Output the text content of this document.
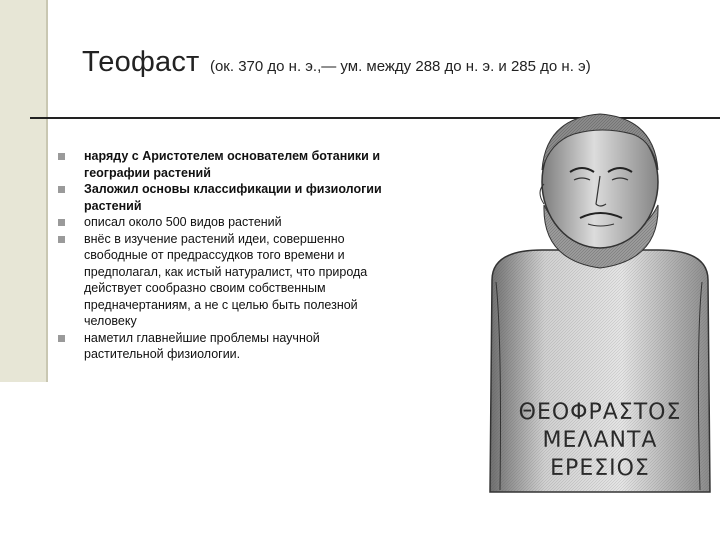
Теофаст (ок. 370 до н. э.,— ум. между 288 до н. э. и 285 до н. э)
наряду с Аристотелем основателем ботаники и географии растений
Заложил основы классификации и физиологии растений
описал около 500 видов растений
внёс в изучение растений идеи, совершенно свободные от предрассудков того времени и предполагал, как истый натуралист, что природа действует сообразно своим собственным предначертаниям, а не с целью быть полезной человеку
наметил главнейшие проблемы научной растительной физиологии.
ΘΕΟΦΡΑΣΤΟΣ
ΜΕΛΑΝΤΑ
ΕΡΕΣΙΟΣ
